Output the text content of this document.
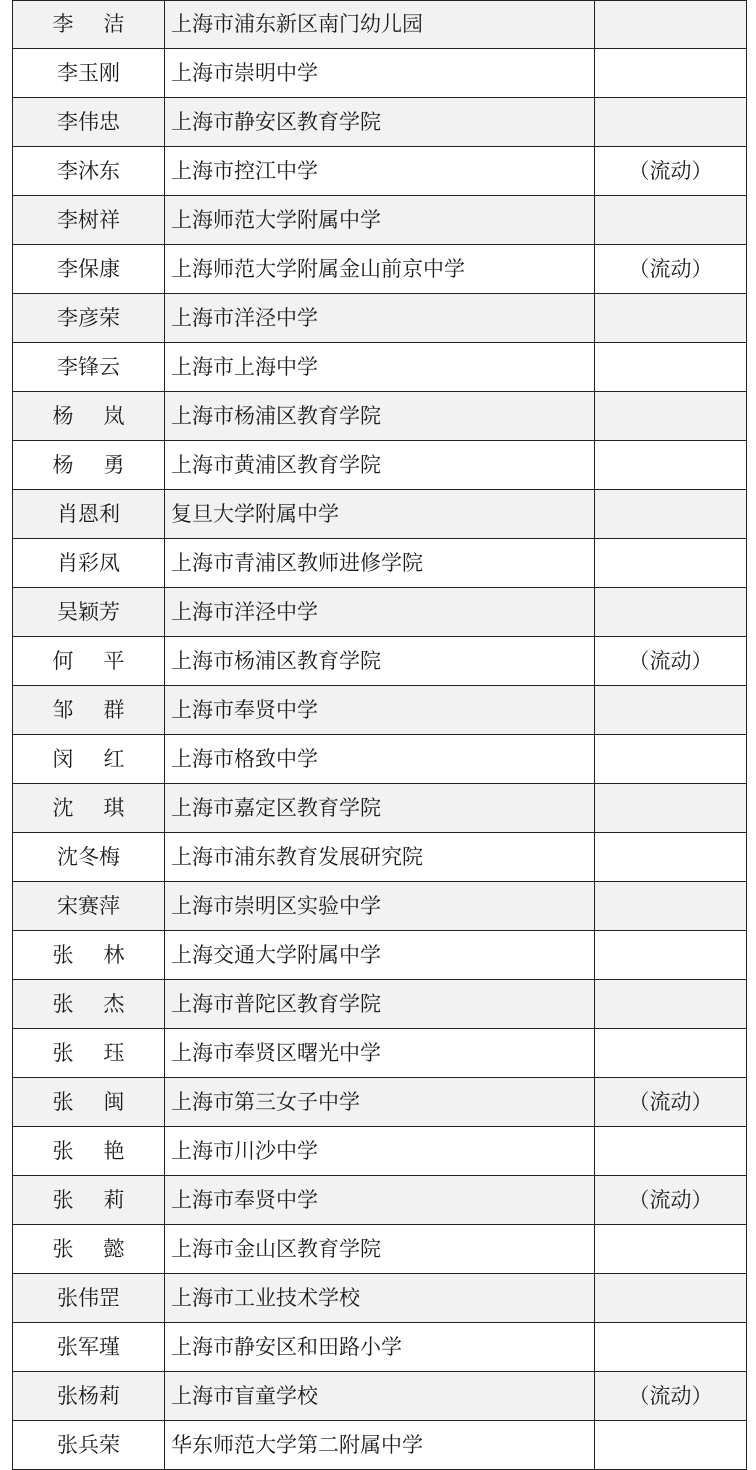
李 洁	上海市浦东新区南门幼儿园	
李玉刚	上海市崇明中学	
李伟忠	上海市静安区教育学院	
李沐东	上海市控江中学	（流动）
李树祥	上海师范大学附属中学	
李保康	上海师范大学附属金山前京中学	（流动）
李彦荣	上海市洋泾中学	
李锋云	上海市上海中学	
杨 岚	上海市杨浦区教育学院	
杨 勇	上海市黄浦区教育学院	
肖恩利	复旦大学附属中学	
肖彩凤	上海市青浦区教师进修学院	
吴颖芳	上海市洋泾中学	
何 平	上海市杨浦区教育学院	（流动）
邹 群	上海市奉贤中学	
闵 红	上海市格致中学	
沈 琪	上海市嘉定区教育学院	
沈冬梅	上海市浦东教育发展研究院	
宋赛萍	上海市崇明区实验中学	
张 林	上海交通大学附属中学	
张 杰	上海市普陀区教育学院	
张 珏	上海市奉贤区曙光中学	
张 闽	上海市第三女子中学	（流动）
张 艳	上海市川沙中学	
张 莉	上海市奉贤中学	（流动）
张 懿	上海市金山区教育学院	
张伟罡	上海市工业技术学校	
张军瑾	上海市静安区和田路小学	
张杨莉	上海市盲童学校	（流动）
张兵荣	华东师范大学第二附属中学	
